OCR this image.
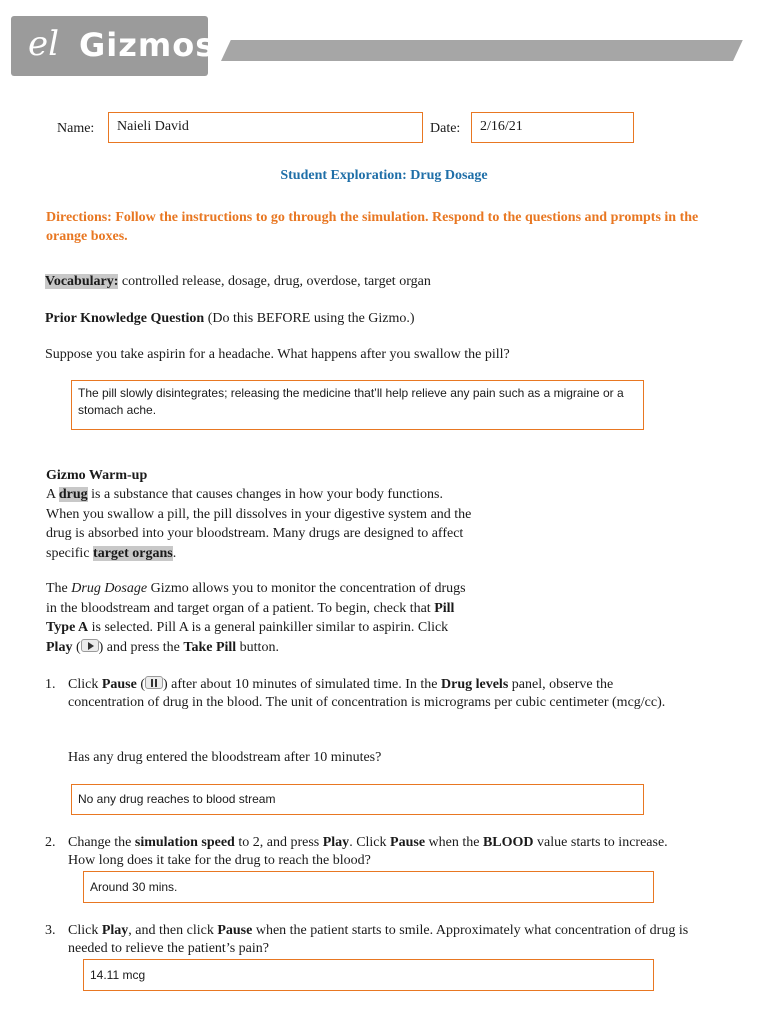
el Gizmos
Name:	Naieli David	Date:	2/16/21
Student Exploration: Drug Dosage
Directions: Follow the instructions to go through the simulation. Respond to the questions and prompts in the orange boxes.
Vocabulary: controlled release, dosage, drug, overdose, target organ
Prior Knowledge Question (Do this BEFORE using the Gizmo.)
Suppose you take aspirin for a headache. What happens after you swallow the pill?
The pill slowly disintegrates; releasing the medicine that’ll help relieve any pain such as a migraine or a stomach ache.
Gizmo Warm-up
A drug is a substance that causes changes in how your body functions. When you swallow a pill, the pill dissolves in your digestive system and the drug is absorbed into your bloodstream. Many drugs are designed to affect specific target organs.
The Drug Dosage Gizmo allows you to monitor the concentration of drugs in the bloodstream and target organ of a patient. To begin, check that Pill Type A is selected. Pill A is a general painkiller similar to aspirin. Click Play ( ) and press the Take Pill button.
1. Click Pause ( ) after about 10 minutes of simulated time. In the Drug levels panel, observe the concentration of drug in the blood. The unit of concentration is micrograms per cubic centimeter (mcg/cc).
Has any drug entered the bloodstream after 10 minutes?
No any drug reaches to blood stream
2. Change the simulation speed to 2, and press Play. Click Pause when the BLOOD value starts to increase. How long does it take for the drug to reach the blood?
Around 30 mins.
3. Click Play, and then click Pause when the patient starts to smile. Approximately what concentration of drug is needed to relieve the patient’s pain?
14.11 mcg
